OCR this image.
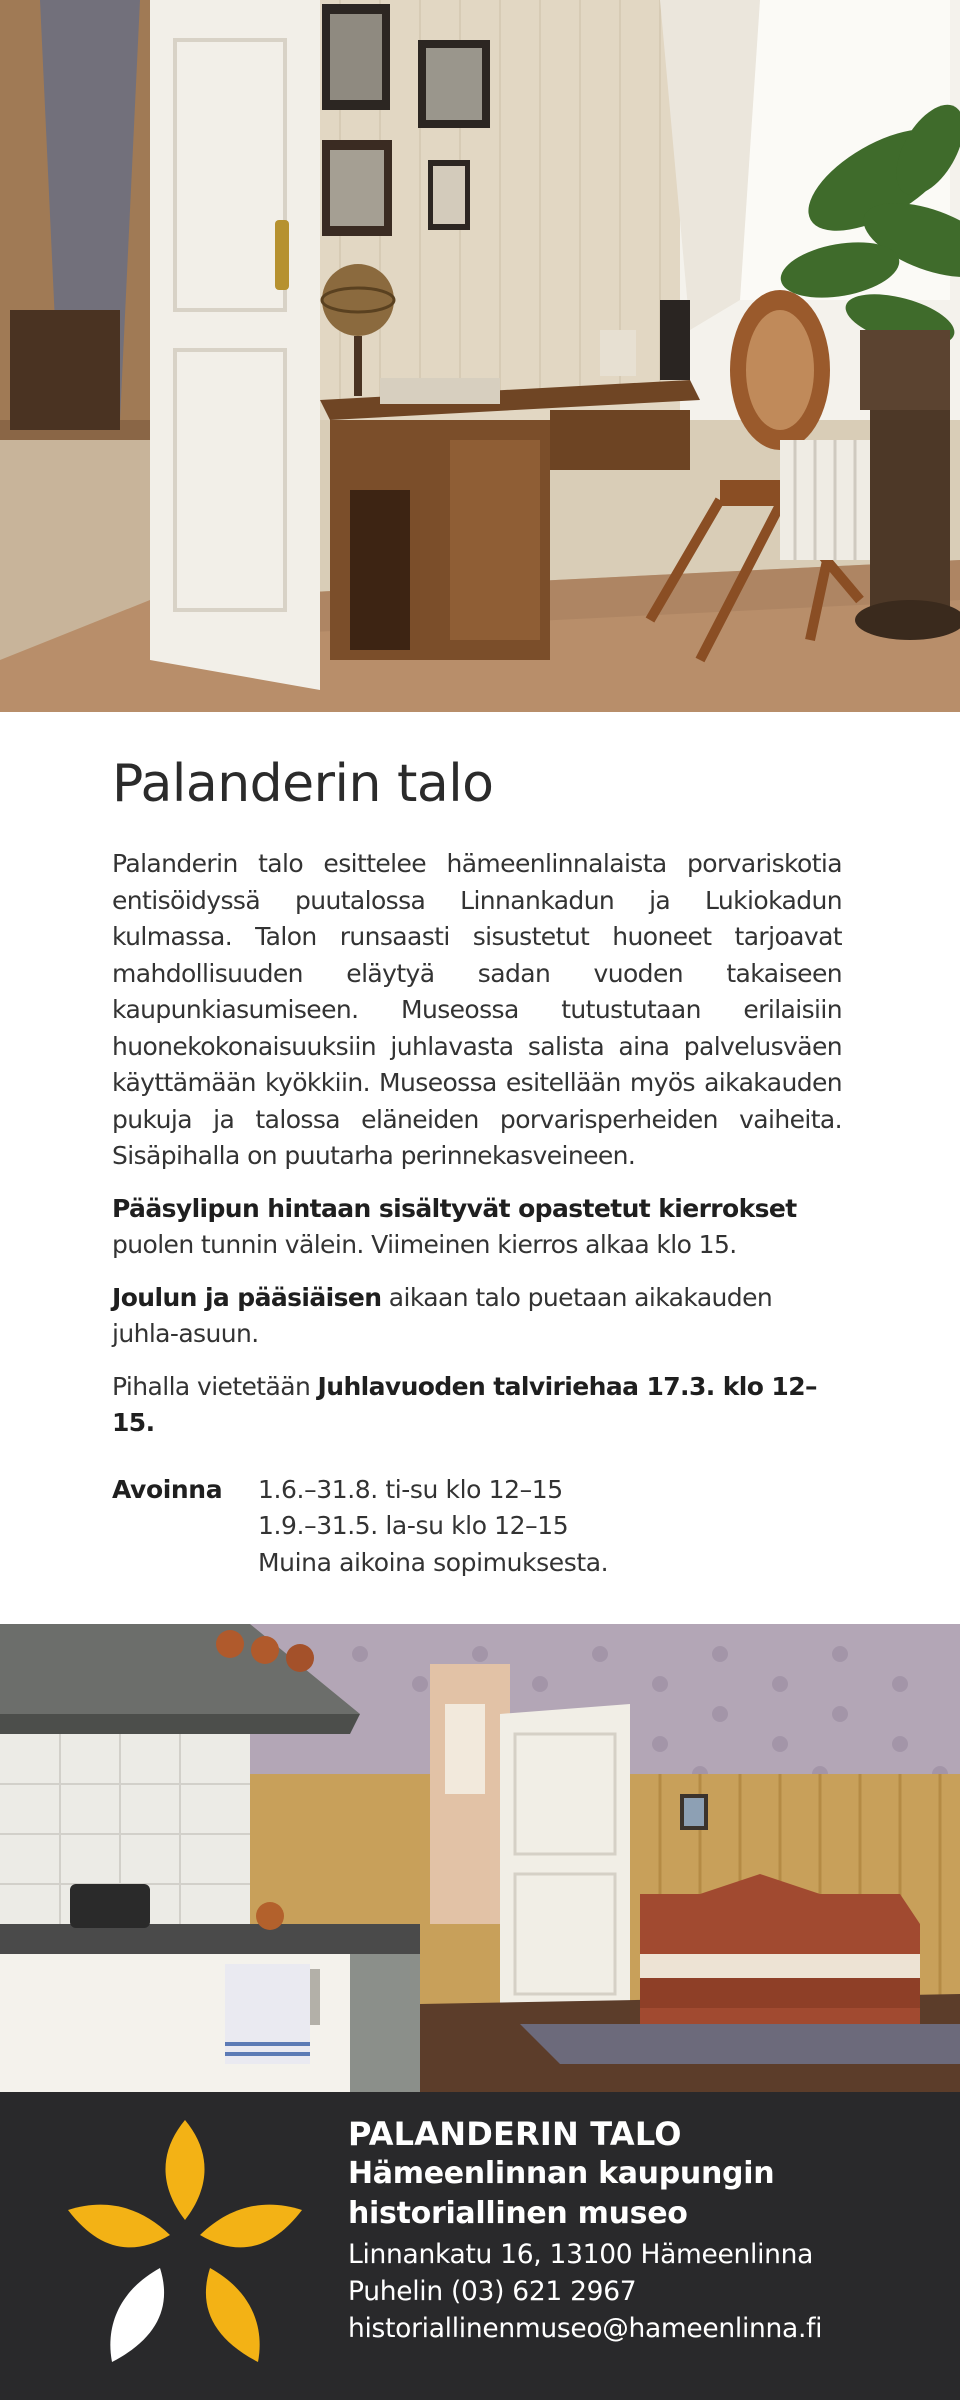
Palanderin talo

Palanderin talo esittelee hämeenlinnalaista porvariskotia entisöidyssä puutalossa Linnankadun ja Lukiokadun kulmassa. Talon runsaasti sisustetut huoneet tarjoavat mahdollisuuden eläytyä sadan vuoden takaiseen kaupunkiasumiseen. Museossa tutustutaan erilaisiin huonekokonaisuuksiin juhlavasta salista aina palvelusväen käyttämään kyökkiin. Museossa esitellään myös aikakauden pukuja ja talossa eläneiden porvarisperheiden vaiheita. Sisäpihalla on puutarha perinnekasveineen.

Pääsylipun hintaan sisältyvät opastetut kierrokset
puolen tunnin välein. Viimeinen kierros alkaa klo 15.

Joulun ja pääsiäisen aikaan talo puetaan aikakauden juhla-asuun.

Pihalla vietetään Juhlavuoden talviriehaa 17.3. klo 12–15.

Avoinna	1.6.–31.8. ti-su klo 12–15
1.9.–31.5. la-su klo 12–15
Muina aikoina sopimuksesta.
PALANDERIN TALO
Hämeenlinnan kaupungin
historiallinen museo
Linnankatu 16, 13100 Hämeenlinna
Puhelin (03) 621 2967
historiallinenmuseo@hameenlinna.fi
